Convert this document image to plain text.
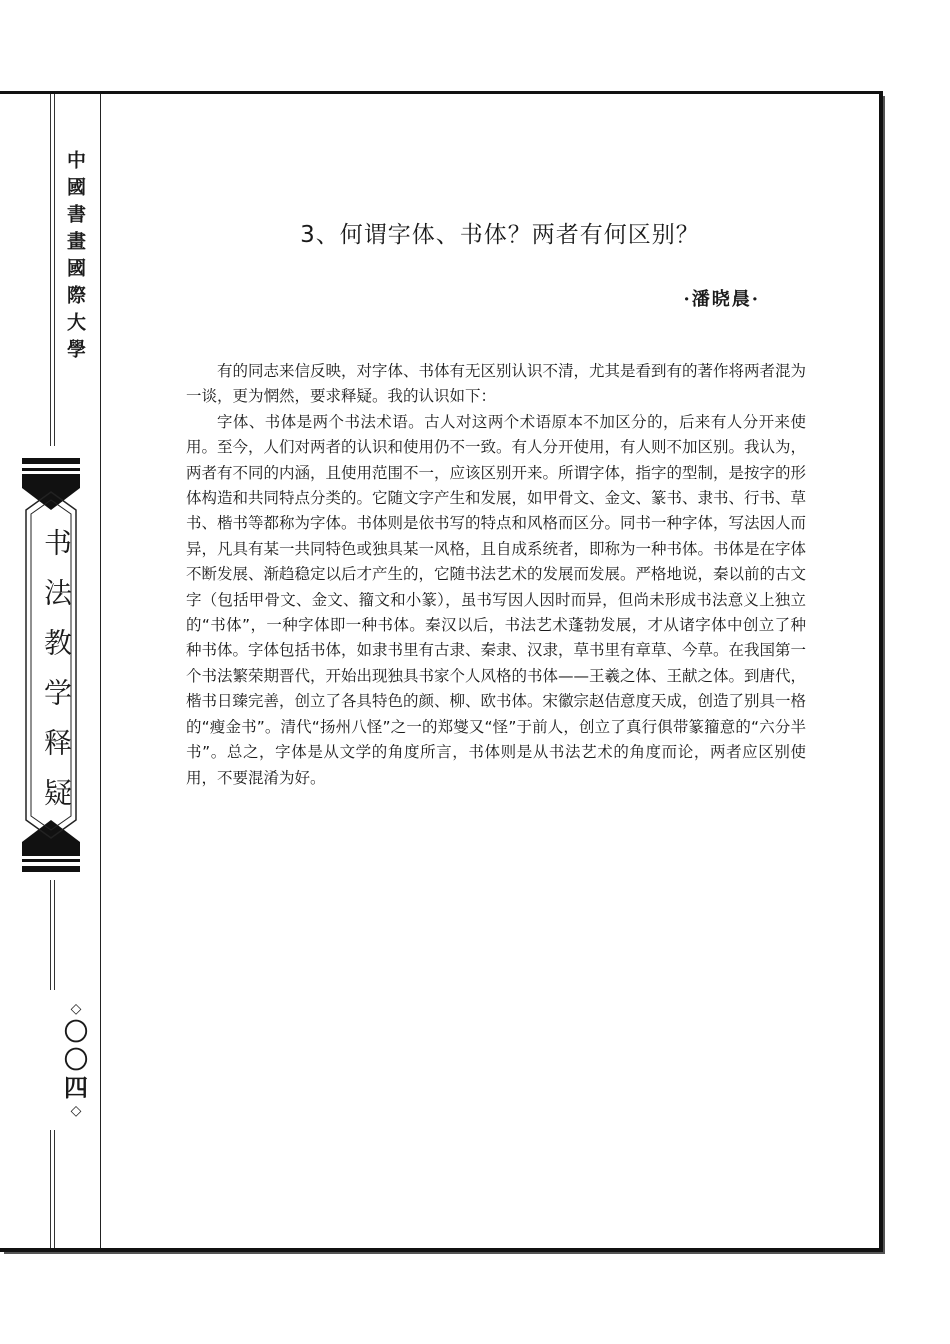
中國書畫國際大學
书法教学释疑
◇
〇
〇
四
◇
3、何谓字体、书体？两者有何区别？
·潘晓晨·

有的同志来信反映，对字体、书体有无区别认识不清，尤其是看到有的著作将两者混为一谈，更为惘然，要求释疑。我的认识如下：

字体、书体是两个书法术语。古人对这两个术语原本不加区分的，后来有人分开来使用。至今，人们对两者的认识和使用仍不一致。有人分开使用，有人则不加区别。我认为，两者有不同的内涵，且使用范围不一，应该区别开来。所谓字体，指字的型制，是按字的形体构造和共同特点分类的。它随文字产生和发展，如甲骨文、金文、篆书、隶书、行书、草书、楷书等都称为字体。书体则是依书写的特点和风格而区分。同书一种字体，写法因人而异，凡具有某一共同特色或独具某一风格，且自成系统者，即称为一种书体。书体是在字体不断发展、渐趋稳定以后才产生的，它随书法艺术的发展而发展。严格地说，秦以前的古文字（包括甲骨文、金文、籀文和小篆），虽书写因人因时而异，但尚未形成书法意义上独立的“书体”，一种字体即一种书体。秦汉以后，书法艺术蓬勃发展，才从诸字体中创立了种种书体。字体包括书体，如隶书里有古隶、秦隶、汉隶，草书里有章草、今草。在我国第一个书法繁荣期晋代，开始出现独具书家个人风格的书体——王羲之体、王献之体。到唐代，楷书日臻完善，创立了各具特色的颜、柳、欧书体。宋徽宗赵佶意度天成，创造了别具一格的“瘦金书”。清代“扬州八怪”之一的郑燮又“怪”于前人，创立了真行俱带篆籀意的“六分半书”。总之，字体是从文学的角度所言，书体则是从书法艺术的角度而论，两者应区别使用，不要混淆为好。
